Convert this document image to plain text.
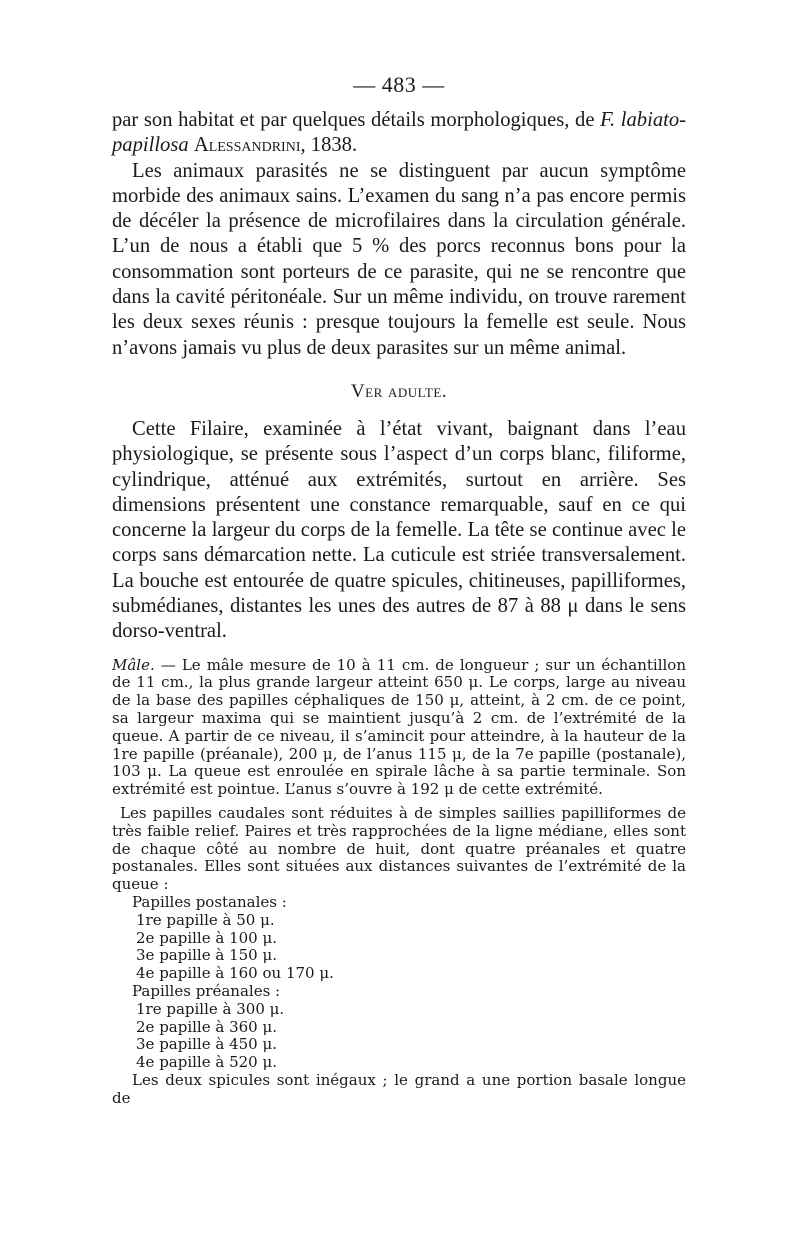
— 483 —

par son habitat et par quelques détails morphologiques, de F. labiato-papillosa Alessandrini, 1838.

Les animaux parasités ne se distinguent par aucun symptôme morbide des animaux sains. L’examen du sang n’a pas encore permis de décéler la présence de microfilaires dans la circulation générale. L’un de nous a établi que 5 % des porcs reconnus bons pour la consommation sont porteurs de ce parasite, qui ne se rencontre que dans la cavité péritonéale. Sur un même individu, on trouve rarement les deux sexes réunis : presque toujours la femelle est seule. Nous n’avons jamais vu plus de deux parasites sur un même animal.

Ver adulte.

Cette Filaire, examinée à l’état vivant, baignant dans l’eau physiologique, se présente sous l’aspect d’un corps blanc, filiforme, cylindrique, atténué aux extrémités, surtout en arrière. Ses dimensions présentent une constance remarquable, sauf en ce qui concerne la largeur du corps de la femelle. La tête se continue avec le corps sans démarcation nette. La cuticule est striée transversalement. La bouche est entourée de quatre spicules, chitineuses, papilliformes, submédianes, distantes les unes des autres de 87 à 88 μ dans le sens dorso-ventral.

Mâle. — Le mâle mesure de 10 à 11 cm. de longueur ; sur un échantillon de 11 cm., la plus grande largeur atteint 650 μ. Le corps, large au niveau de la base des papilles céphaliques de 150 μ, atteint, à 2 cm. de ce point, sa largeur maxima qui se maintient jusqu’à 2 cm. de l’extrémité de la queue. A partir de ce niveau, il s’amincit pour atteindre, à la hauteur de la 1re papille (préanale), 200 μ, de l’anus 115 μ, de la 7e papille (postanale), 103 μ. La queue est enroulée en spirale lâche à sa partie terminale. Son extrémité est pointue. L’anus s’ouvre à 192 μ de cette extrémité.

Les papilles caudales sont réduites à de simples saillies papilliformes de très faible relief. Paires et très rapprochées de la ligne médiane, elles sont de chaque côté au nombre de huit, dont quatre préanales et quatre postanales. Elles sont situées aux distances suivantes de l’extrémité de la queue :

Papilles postanales :
1re papille à 50 μ.
2e papille à 100 μ.
3e papille à 150 μ.
4e papille à 160 ou 170 μ.
Papilles préanales :
1re papille à 300 μ.
2e papille à 360 μ.
3e papille à 450 μ.
4e papille à 520 μ.

Les deux spicules sont inégaux ; le grand a une portion basale longue de
